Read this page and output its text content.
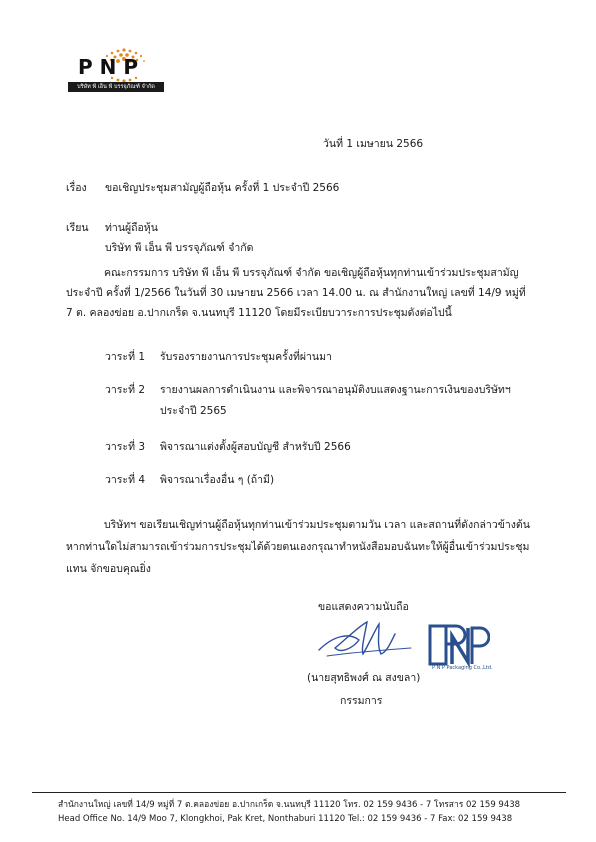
PNP
บริษัท พี เอ็น พี บรรจุภัณฑ์ จำกัด
วันที่ 1 เมษายน 2566
เรื่อง ขอเชิญประชุมสามัญผู้ถือหุ้น ครั้งที่ 1 ประจำปี 2566
เรียน ท่านผู้ถือหุ้น
บริษัท พี เอ็น พี บรรจุภัณฑ์ จำกัด
คณะกรรมการ บริษัท พี เอ็น พี บรรจุภัณฑ์ จำกัด ขอเชิญผู้ถือหุ้นทุกท่านเข้าร่วมประชุมสามัญประจำปี ครั้งที่ 1/2566 ในวันที่ 30 เมษายน 2566 เวลา 14.00 น. ณ สำนักงานใหญ่ เลขที่ 14/9 หมู่ที่ 7 ต. คลองข่อย อ.ปากเกร็ด จ.นนทบุรี 11120 โดยมีระเบียบวาระการประชุมดังต่อไปนี้
วาระที่ 1 รับรองรายงานการประชุมครั้งที่ผ่านมา
วาระที่ 2 รายงานผลการดำเนินงาน และพิจารณาอนุมัติงบแสดงฐานะการเงินของบริษัทฯ
ประจำปี 2565
วาระที่ 3 พิจารณาแต่งตั้งผู้สอบบัญชี สำหรับปี 2566
วาระที่ 4 พิจารณาเรื่องอื่น ๆ (ถ้ามี)
บริษัทฯ ขอเรียนเชิญท่านผู้ถือหุ้นทุกท่านเข้าร่วมประชุมตามวัน เวลา และสถานที่ดังกล่าวข้างต้น หากท่านใดไม่สามารถเข้าร่วมการประชุมได้ด้วยตนเองกรุณาทำหนังสือมอบฉันทะให้ผู้อื่นเข้าร่วมประชุมแทน จักขอบคุณยิ่ง
ขอแสดงความนับถือ
(นายสุทธิพงศ์ ณ สงขลา)
กรรมการ
P N P Packaging Co.,Ltd.
สำนักงานใหญ่ เลขที่ 14/9 หมู่ที่ 7 ต.คลองข่อย อ.ปากเกร็ด จ.นนทบุรี 11120 โทร. 02 159 9436 - 7 โทรสาร 02 159 9438
Head Office No. 14/9 Moo 7, Klongkhoi, Pak Kret, Nonthaburi 11120 Tel.: 02 159 9436 - 7 Fax: 02 159 9438
